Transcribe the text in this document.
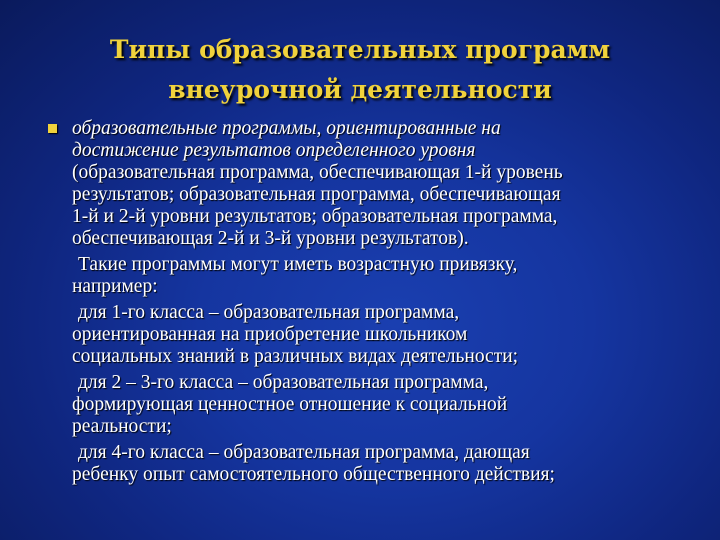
Типы образовательных программ
внеурочной деятельности
образовательные программы, ориентированные на
достижение результатов определенного уровня
(образовательная программа, обеспечивающая 1-й уровень
результатов; образовательная программа, обеспечивающая
1-й и 2-й уровни результатов; образовательная программа,
обеспечивающая 2-й и 3-й уровни результатов).
Такие программы могут иметь возрастную привязку,
например:
для 1-го класса – образовательная программа,
ориентированная на приобретение школьником
социальных знаний в различных видах деятельности;
для 2 – 3-го класса – образовательная программа,
формирующая ценностное отношение к социальной
реальности;
для 4-го класса – образовательная программа, дающая
ребенку опыт самостоятельного общественного действия;
